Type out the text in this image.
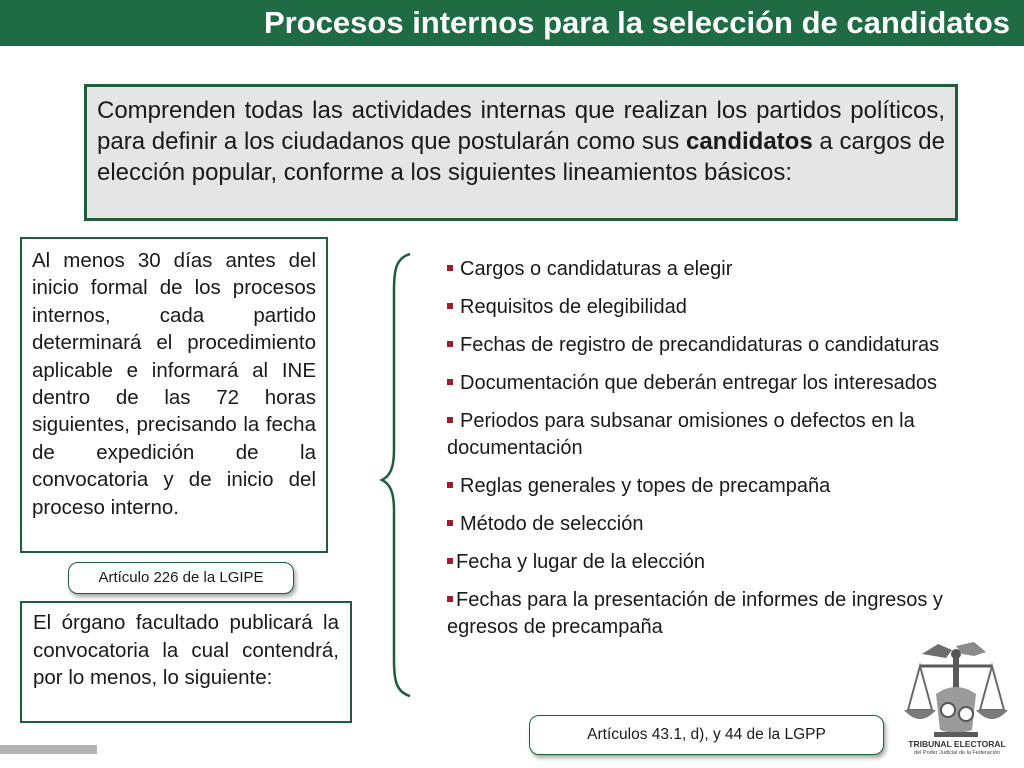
Procesos internos para la selección de candidatos
Comprenden todas las actividades internas que realizan los partidos políticos, para definir a los ciudadanos que postularán como sus candidatos a cargos de elección popular, conforme a los siguientes lineamientos básicos:
Al menos 30 días antes del inicio formal de los procesos internos, cada partido determinará el procedimiento aplicable e informará al INE dentro de las 72 horas siguientes, precisando la fecha de expedición de la convocatoria y de inicio del proceso interno.
Artículo 226 de la LGIPE
El órgano facultado publicará la convocatoria la cual contendrá, por lo menos, lo siguiente:
Cargos o candidaturas a elegir
Requisitos de elegibilidad
Fechas de registro de precandidaturas o candidaturas
Documentación que deberán entregar los interesados
Periodos para subsanar omisiones o defectos en la documentación
Reglas generales y topes de precampaña
Método de selección
Fecha y lugar de la elección
Fechas para la presentación de informes de ingresos y egresos de precampaña
Artículos 43.1, d), y 44 de la LGPP
TRIBUNAL ELECTORAL
del Poder Judicial de la Federación
